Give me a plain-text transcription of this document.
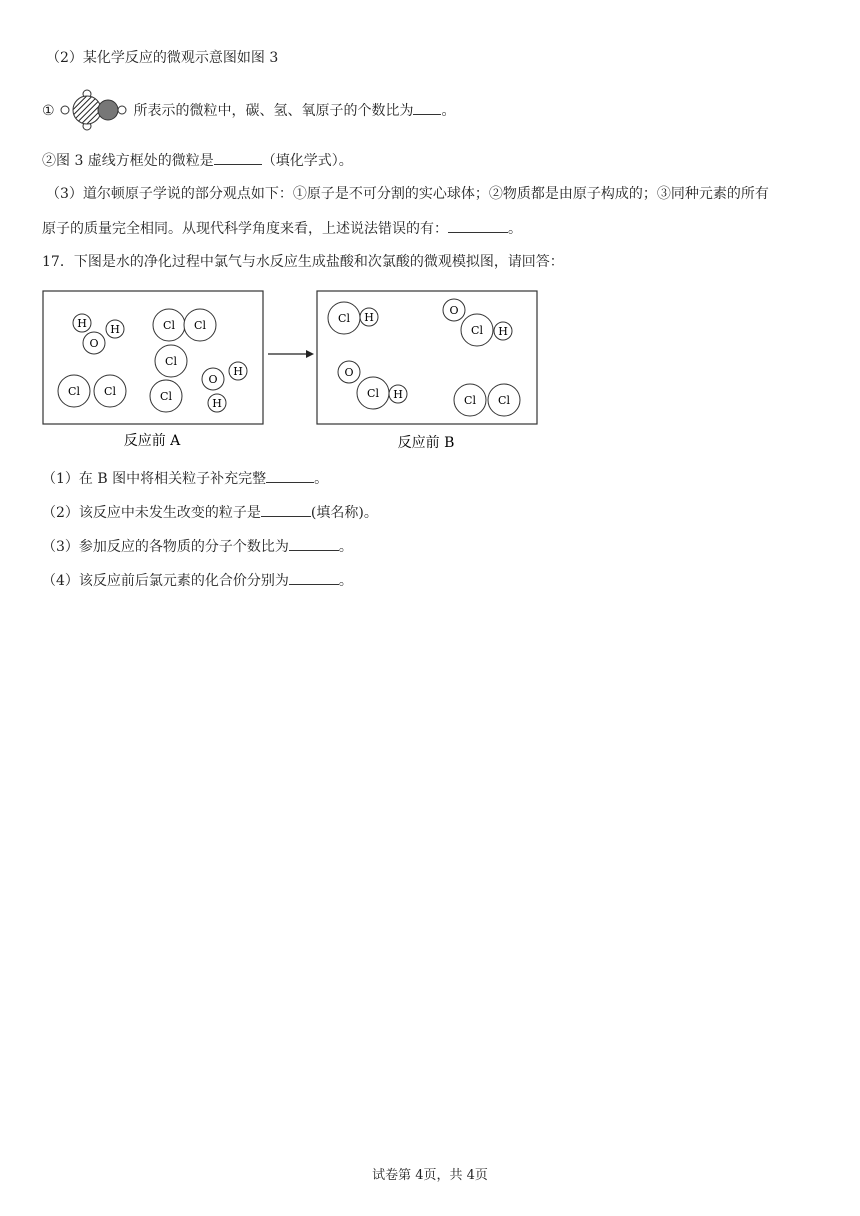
（2）某化学反应的微观示意图如图 3
①	所表示的微粒中，碳、氢、氧原子的个数比为 。
②图 3 虚线方框处的微粒是	（填化学式）。
（3）道尔顿原子学说的部分观点如下：①原子是不可分割的实心球体；②物质都是由原子构成的；③同种元素的所有
原子的质量完全相同。从现代科学角度来看，上述说法错误的有：	。
17．下图是水的净化过程中氯气与水反应生成盐酸和次氯酸的微观模拟图，请回答：
H H
O
Cl Cl
Cl
Cl
Cl Cl
O
H
H
Cl H
O
Cl H
O
Cl H	Cl Cl
反应前 A	反应前 B
（1）在 B 图中将相关粒子补充完整	。
（2）该反应中未发生改变的粒子是	(填名称)。
（3）参加反应的各物质的分子个数比为	。
（4）该反应前后氯元素的化合价分别为	。
试卷第 4页，共 4页
